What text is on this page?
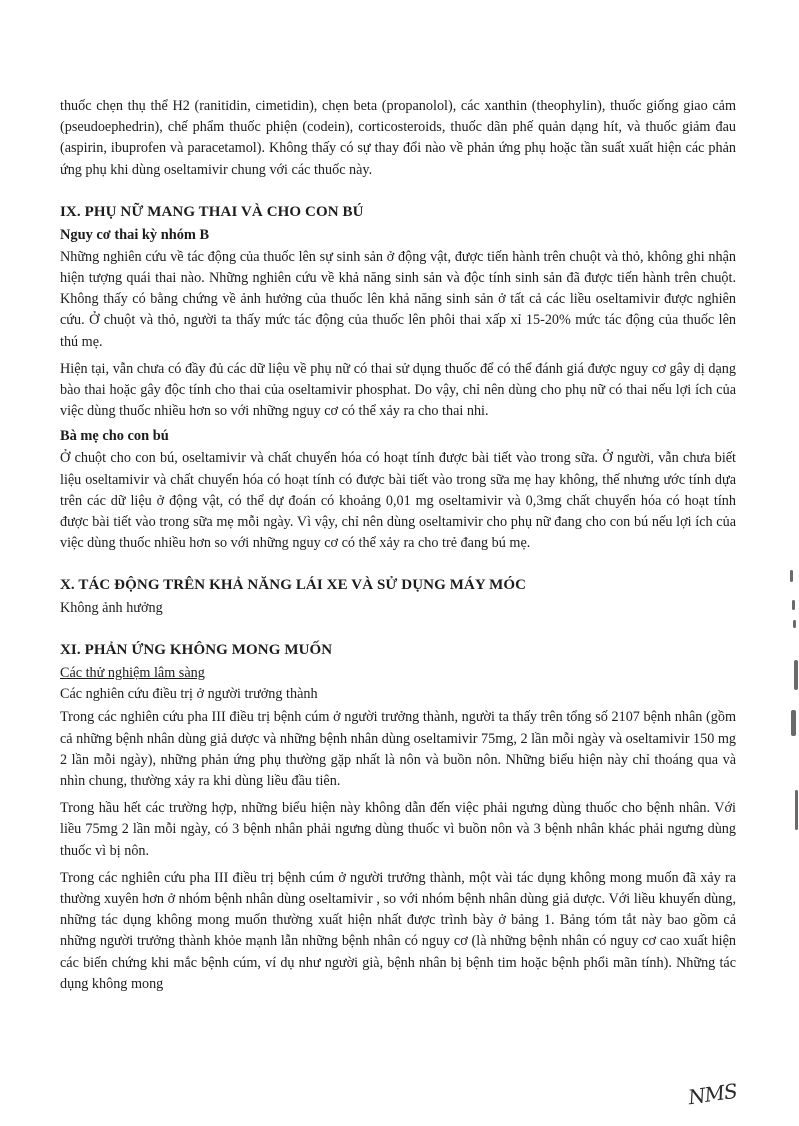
thuốc chẹn thụ thể H2 (ranitidin, cimetidin), chẹn beta (propanolol), các xanthin (theophylin), thuốc giống giao cảm (pseudoephedrin), chế phẩm thuốc phiện (codein), corticosteroids, thuốc dãn phế quản dạng hít, và thuốc giảm đau (aspirin, ibuprofen và paracetamol). Không thấy có sự thay đổi nào về phản ứng phụ hoặc tần suất xuất hiện các phản ứng phụ khi dùng oseltamivir chung với các thuốc này.

IX. PHỤ NỮ MANG THAI VÀ CHO CON BÚ
Nguy cơ thai kỳ nhóm B

Những nghiên cứu về tác động của thuốc lên sự sinh sản ở động vật, được tiến hành trên chuột và thỏ, không ghi nhận hiện tượng quái thai nào. Những nghiên cứu về khả năng sinh sản và độc tính sinh sản đã được tiến hành trên chuột. Không thấy có bằng chứng về ảnh hưởng của thuốc lên khả năng sinh sản ở tất cả các liều oseltamivir được nghiên cứu. Ở chuột và thỏ, người ta thấy mức tác động của thuốc lên phôi thai xấp xỉ 15-20% mức tác động của thuốc lên thú mẹ.

Hiện tại, vẫn chưa có đầy đủ các dữ liệu về phụ nữ có thai sử dụng thuốc để có thể đánh giá được nguy cơ gây dị dạng bào thai hoặc gây độc tính cho thai của oseltamivir phosphat. Do vậy, chỉ nên dùng cho phụ nữ có thai nếu lợi ích của việc dùng thuốc nhiều hơn so với những nguy cơ có thể xảy ra cho thai nhi.

Bà mẹ cho con bú

Ở chuột cho con bú, oseltamivir và chất chuyển hóa có hoạt tính được bài tiết vào trong sữa. Ở người, vẫn chưa biết liệu oseltamivir và chất chuyển hóa có hoạt tính có được bài tiết vào trong sữa mẹ hay không, thế nhưng ước tính dựa trên các dữ liệu ở động vật, có thể dự đoán có khoảng 0,01 mg oseltamivir và 0,3mg chất chuyển hóa có hoạt tính được bài tiết vào trong sữa mẹ mỗi ngày. Vì vậy, chỉ nên dùng oseltamivir cho phụ nữ đang cho con bú nếu lợi ích của việc dùng thuốc nhiều hơn so với những nguy cơ có thể xảy ra cho trẻ đang bú mẹ.

X. TÁC ĐỘNG TRÊN KHẢ NĂNG LÁI XE VÀ SỬ DỤNG MÁY MÓC

Không ảnh hưởng

XI. PHẢN ỨNG KHÔNG MONG MUỐN

Các thử nghiệm lâm sàng

Các nghiên cứu điều trị ở người trưởng thành

Trong các nghiên cứu pha III điều trị bệnh cúm ở người trưởng thành, người ta thấy trên tổng số 2107 bệnh nhân (gồm cả những bệnh nhân dùng giả dược và những bệnh nhân dùng oseltamivir 75mg, 2 lần mỗi ngày và oseltamivir 150 mg 2 lần mỗi ngày), những phản ứng phụ thường gặp nhất là nôn và buồn nôn. Những biểu hiện này chỉ thoáng qua và nhìn chung, thường xảy ra khi dùng liều đầu tiên.

Trong hầu hết các trường hợp, những biểu hiện này không dẫn đến việc phải ngưng dùng thuốc cho bệnh nhân. Với liều 75mg 2 lần mỗi ngày, có 3 bệnh nhân phải ngưng dùng thuốc vì buồn nôn và 3 bệnh nhân khác phải ngưng dùng thuốc vì bị nôn.

Trong các nghiên cứu pha III điều trị bệnh cúm ở người trưởng thành, một vài tác dụng không mong muốn đã xảy ra thường xuyên hơn ở nhóm bệnh nhân dùng oseltamivir , so với nhóm bệnh nhân dùng giả dược. Với liều khuyến dùng, những tác dụng không mong muốn thường xuất hiện nhất được trình bày ở bảng 1. Bảng tóm tắt này bao gồm cả những người trưởng thành khỏe mạnh lẫn những bệnh nhân có nguy cơ (là những bệnh nhân có nguy cơ cao xuất hiện các biến chứng khi mắc bệnh cúm, ví dụ như người già, bệnh nhân bị bệnh tim hoặc bệnh phổi mãn tính). Những tác dụng không mong

NMS
